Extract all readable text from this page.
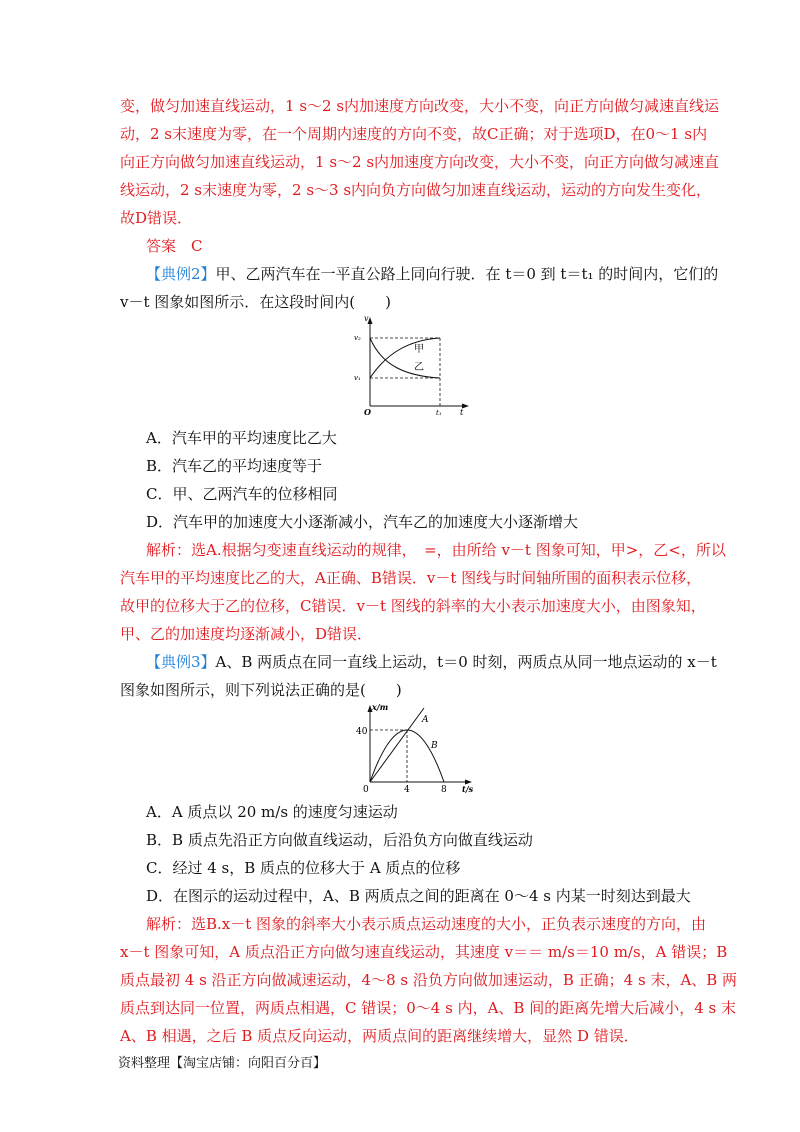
变，做匀加速直线运动，1 s～2 s内加速度方向改变，大小不变，向正方向做匀减速直线运
动，2 s末速度为零，在一个周期内速度的方向不变，故C正确；对于选项D，在0～1 s内
向正方向做匀加速直线运动，1 s～2 s内加速度方向改变，大小不变，向正方向做匀减速直
线运动，2 s末速度为零，2 s～3 s内向负方向做匀加速直线运动，运动的方向发生变化，
故D错误．
答案　C
【典例2】甲、乙两汽车在一平直公路上同向行驶．在 t＝0 到 t＝t₁ 的时间内，它们的
v－t 图象如图所示．在这段时间内(　　)
v
v₂
v₁
O	t₁ t
甲
乙
A．汽车甲的平均速度比乙大
B．汽车乙的平均速度等于
C．甲、乙两汽车的位移相同
D．汽车甲的加速度大小逐渐减小，汽车乙的加速度大小逐渐增大
解析：选A.根据匀变速直线运动的规律，　=，由所给 v－t 图象可知，甲>，乙<，所以
汽车甲的平均速度比乙的大，A正确、B错误．v－t 图线与时间轴所围的面积表示位移，
故甲的位移大于乙的位移，C错误．v－t 图线的斜率的大小表示加速度大小，由图象知，
甲、乙的加速度均逐渐减小，D错误．
【典例3】A、B 两质点在同一直线上运动，t＝0 时刻，两质点从同一地点运动的 x－t
图象如图所示，则下列说法正确的是(　　)
x/m
40
0	4	8 t/s
A
B
A．A 质点以 20 m/s 的速度匀速运动
B．B 质点先沿正方向做直线运动，后沿负方向做直线运动
C．经过 4 s，B 质点的位移大于 A 质点的位移
D．在图示的运动过程中，A、B 两质点之间的距离在 0～4 s 内某一时刻达到最大
解析：选B.x－t 图象的斜率大小表示质点运动速度的大小，正负表示速度的方向，由
x－t 图象可知，A 质点沿正方向做匀速直线运动，其速度 v＝＝ m/s＝10 m/s，A 错误；B
质点最初 4 s 沿正方向做减速运动，4～8 s 沿负方向做加速运动，B 正确；4 s 末，A、B 两
质点到达同一位置，两质点相遇，C 错误；0～4 s 内，A、B 间的距离先增大后减小，4 s 末
A、B 相遇，之后 B 质点反向运动，两质点间的距离继续增大，显然 D 错误．
资料整理【淘宝店铺：向阳百分百】
